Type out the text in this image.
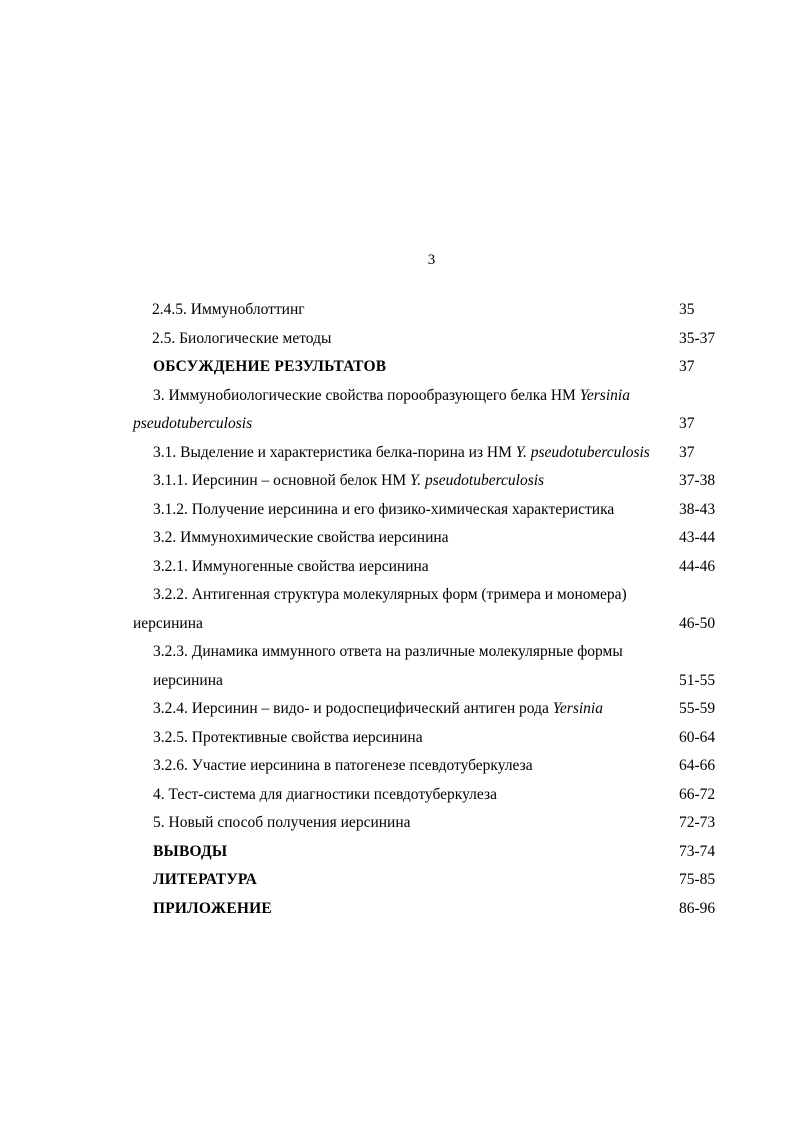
3
2.4.5. Иммуноблоттинг	35
2.5. Биологические методы	35-37
ОБСУЖДЕНИЕ РЕЗУЛЬТАТОВ	37
3. Иммунобиологические свойства порообразующего белка НМ Yersinia
pseudotuberculosis	37
3.1. Выделение и характеристика белка-порина из НМ Y. pseudotuberculosis 37
3.1.1. Иерсинин – основной белок НМ Y. pseudotuberculosis	37-38
3.1.2. Получение иерсинина и его физико-химическая характеристика	38-43
3.2. Иммунохимические свойства иерсинина	43-44
3.2.1. Иммуногенные свойства иерсинина	44-46
3.2.2. Антигенная структура молекулярных форм (тримера и мономера)
иерсинина	46-50
3.2.3. Динамика иммунного ответа на различные молекулярные формы
иерсинина	51-55
3.2.4. Иерсинин – видо- и родоспецифический антиген рода Yersinia	55-59
3.2.5. Протективные свойства иерсинина	60-64
3.2.6. Участие иерсинина в патогенезе псевдотуберкулеза	64-66
4. Тест-система для диагностики псевдотуберкулеза	66-72
5. Новый способ получения иерсинина	72-73
ВЫВОДЫ	73-74
ЛИТЕРАТУРА	75-85
ПРИЛОЖЕНИЕ	86-96
